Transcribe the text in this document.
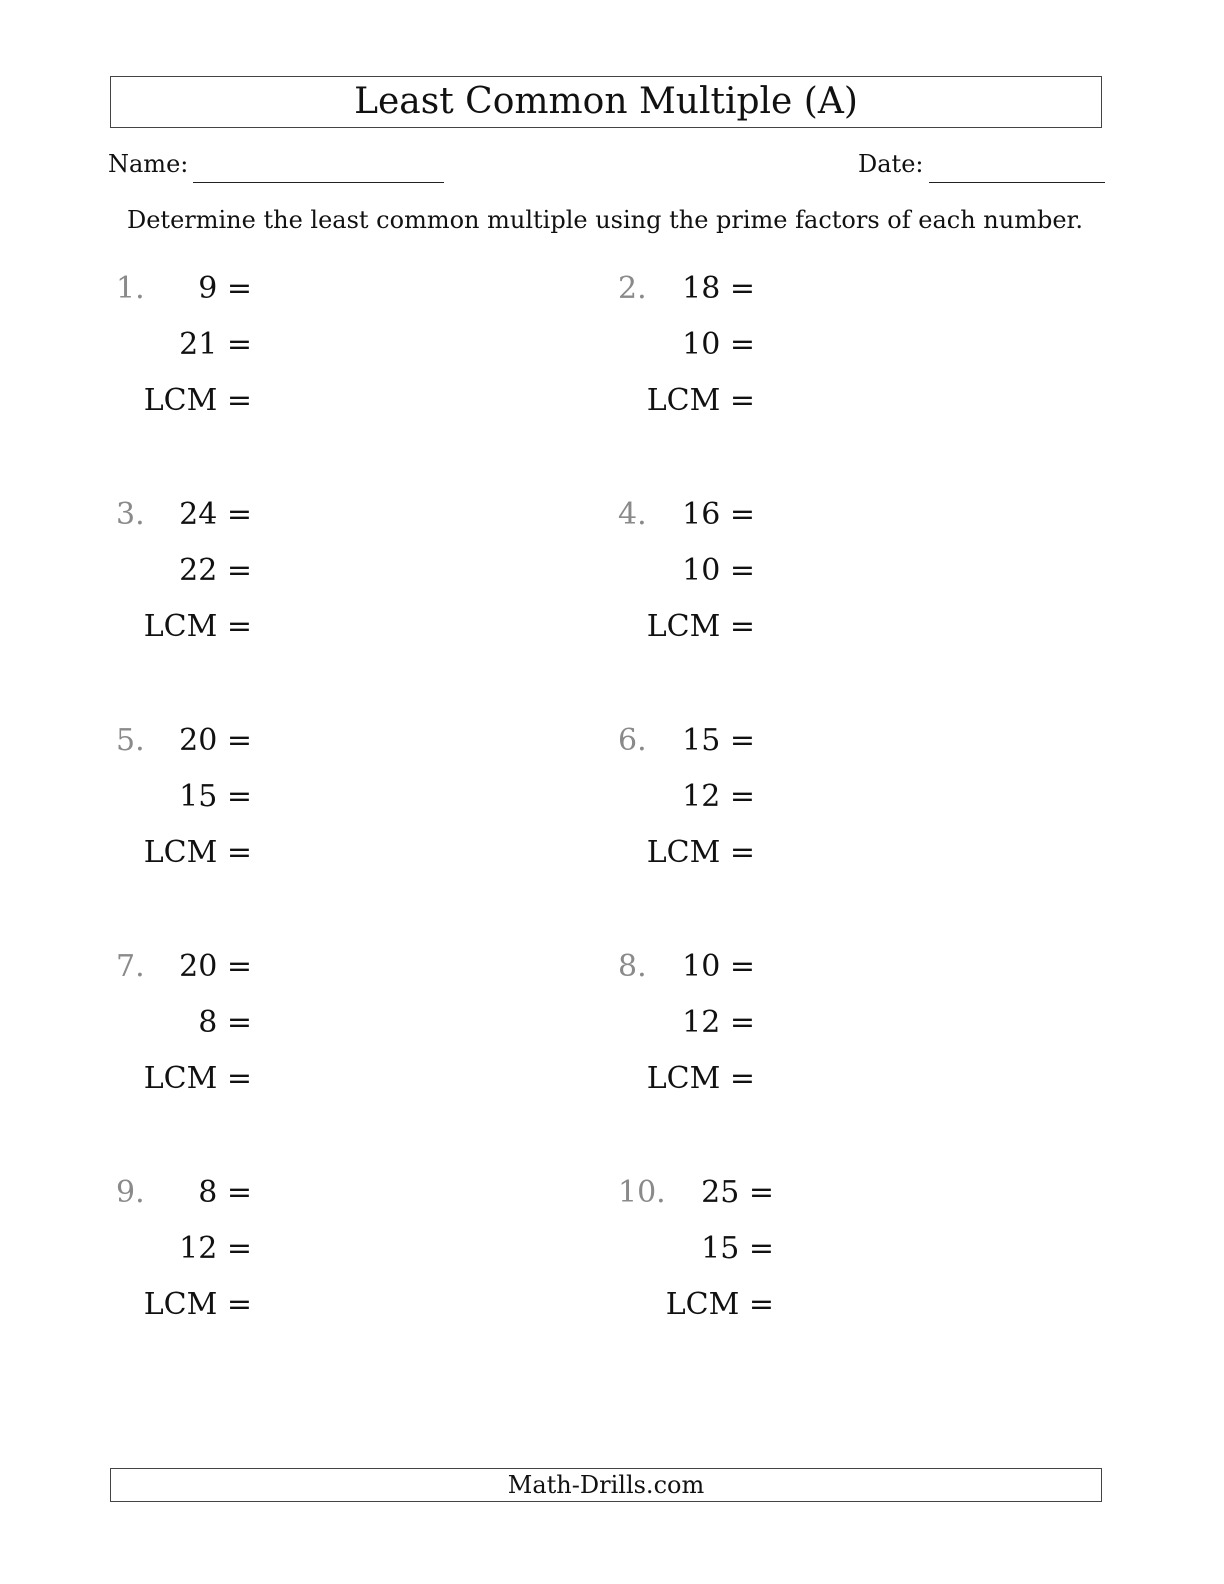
Least Common Multiple (A)
Name:	Date:
Determine the least common multiple using the prime factors of each number.
1. 9 =
21 =
LCM =
3. 24 =
22 =
LCM =
5. 20 =
15 =
LCM =
7. 20 =
8 =
LCM =
9. 8 =
12 =
LCM =
2. 18 =
10 =
LCM =
4. 16 =
10 =
LCM =
6. 15 =
12 =
LCM =
8. 10 =
12 =
LCM =
10. 25 =
15 =
LCM =
Math-Drills.com
